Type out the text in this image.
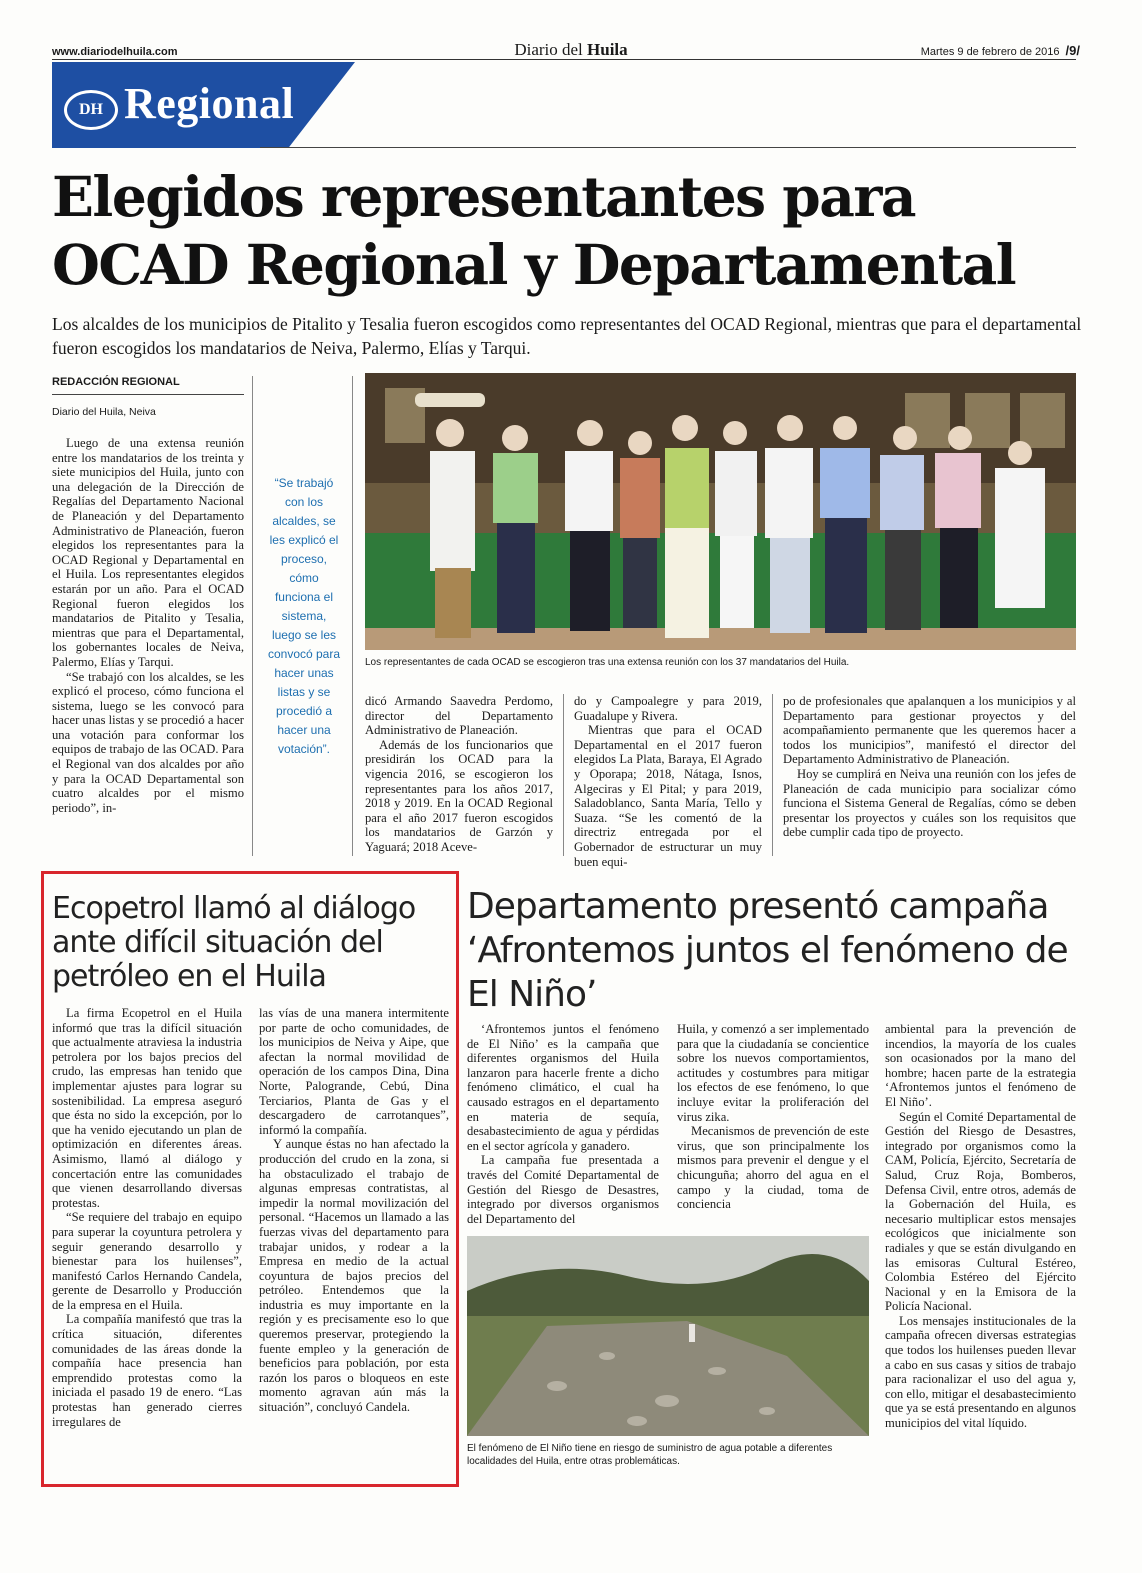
www.diariodelhuila.com	Diario del Huila	Martes 9 de febrero de 2016 /9/
DH Regional
Elegidos representantes para
OCAD Regional y Departamental
Los alcaldes de los municipios de Pitalito y Tesalia fueron escogidos como representantes del OCAD Regional, mientras que para el departamental fueron escogidos los mandatarios de Neiva, Palermo, Elías y Tarqui.
REDACCIÓN REGIONAL
Diario del Huila, Neiva

Luego de una extensa reunión entre los mandatarios de los treinta y siete municipios del Huila, junto con una delegación de la Dirección de Regalías del Departamento Nacional de Planeación y del Departamento Administrativo de Planeación, fueron elegidos los representantes para la OCAD Regional y Departamental en el Huila. Los representantes elegidos estarán por un año. Para el OCAD Regional fueron elegidos los mandatarios de Pitalito y Tesalia, mientras que para el Departamental, los gobernantes locales de Neiva, Palermo, Elías y Tarqui.

“Se trabajó con los alcaldes, se les explicó el proceso, cómo funciona el sistema, luego se les convocó para hacer unas listas y se procedió a hacer una votación para conformar los equipos de trabajo de las OCAD. Para el Regional van dos alcaldes por año y para la OCAD Departamental son cuatro alcaldes por el mismo periodo”, in-

“Se trabajó con los alcaldes, se les explicó el proceso, cómo funciona el sistema, luego se les convocó para hacer unas listas y se procedió a hacer una votación”.
Los representantes de cada OCAD se escogieron tras una extensa reunión con los 37 mandatarios del Huila.

dicó Armando Saavedra Perdomo, director del Departamento Administrativo de Planeación.

Además de los funcionarios que presidirán los OCAD para la vigencia 2016, se escogieron los representantes para los años 2017, 2018 y 2019. En la OCAD Regional para el año 2017 fueron escogidos los mandatarios de Garzón y Yaguará; 2018 Aceve-

do y Campoalegre y para 2019, Guadalupe y Rivera.

Mientras que para el OCAD Departamental en el 2017 fueron elegidos La Plata, Baraya, El Agrado y Oporapa; 2018, Nátaga, Isnos, Algeciras y El Pital; y para 2019, Saladoblanco, Santa María, Tello y Suaza. “Se les comentó de la directriz entregada por el Gobernador de estructurar un muy buen equi-

po de profesionales que apalanquen a los municipios y al Departamento para gestionar proyectos y del acompañamiento permanente que les queremos hacer a todos los municipios”, manifestó el director del Departamento Administrativo de Planeación.

Hoy se cumplirá en Neiva una reunión con los jefes de Planeación de cada municipio para socializar cómo funciona el Sistema General de Regalías, cómo se deben presentar los proyectos y cuáles son los requisitos que debe cumplir cada tipo de proyecto.

Ecopetrol llamó al diálogo ante difícil situación del petróleo en el Huila

La firma Ecopetrol en el Huila informó que tras la difícil situación que actualmente atraviesa la industria petrolera por los bajos precios del crudo, las empresas han tenido que implementar ajustes para lograr su sostenibilidad. La empresa aseguró que ésta no sido la excepción, por lo que ha venido ejecutando un plan de optimización en diferentes áreas. Asimismo, llamó al diálogo y concertación entre las comunidades que vienen desarrollando diversas protestas.

“Se requiere del trabajo en equipo para superar la coyuntura petrolera y seguir generando desarrollo y bienestar para los huilenses”, manifestó Carlos Hernando Candela, gerente de Desarrollo y Producción de la empresa en el Huila.

La compañía manifestó que tras la crítica situación, diferentes comunidades de las áreas donde la compañía hace presencia han emprendido protestas como la iniciada el pasado 19 de enero. “Las protestas han generado cierres irregulares de

las vías de una manera intermitente por parte de ocho comunidades, de los municipios de Neiva y Aipe, que afectan la normal movilidad de operación de los campos Dina, Dina Norte, Palogrande, Cebú, Dina Terciarios, Planta de Gas y el descargadero de carrotanques”, informó la compañía.

Y aunque éstas no han afectado la producción del crudo en la zona, si ha obstaculizado el trabajo de algunas empresas contratistas, al impedir la normal movilización del personal. “Hacemos un llamado a las fuerzas vivas del departamento para trabajar unidos, y rodear a la Empresa en medio de la actual coyuntura de bajos precios del petróleo. Entendemos que la industria es muy importante en la región y es precisamente eso lo que queremos preservar, protegiendo la fuente empleo y la generación de beneficios para población, por esta razón los paros o bloqueos en este momento agravan aún más la situación”, concluyó Candela.

Departamento presentó campaña ‘Afrontemos juntos el fenómeno de El Niño’

‘Afrontemos juntos el fenómeno de El Niño’ es la campaña que diferentes organismos del Huila lanzaron para hacerle frente a dicho fenómeno climático, el cual ha causado estragos en el departamento en materia de sequía, desabastecimiento de agua y pérdidas en el sector agrícola y ganadero.

La campaña fue presentada a través del Comité Departamental de Gestión del Riesgo de Desastres, integrado por diversos organismos del Departamento del

Huila, y comenzó a ser implementado para que la ciudadanía se concientice sobre los nuevos comportamientos, actitudes y costumbres para mitigar los efectos de ese fenómeno, lo que incluye evitar la proliferación del virus zika.

Mecanismos de prevención de este virus, que son principalmente los mismos para prevenir el dengue y el chicunguña; ahorro del agua en el campo y la ciudad, toma de conciencia

ambiental para la prevención de incendios, la mayoría de los cuales son ocasionados por la mano del hombre; hacen parte de la estrategia ‘Afrontemos juntos el fenómeno de El Niño’.

Según el Comité Departamental de Gestión del Riesgo de Desastres, integrado por organismos como la CAM, Policía, Ejército, Secretaría de Salud, Cruz Roja, Bomberos, Defensa Civil, entre otros, además de la Gobernación del Huila, es necesario multiplicar estos mensajes ecológicos que inicialmente son radiales y que se están divulgando en las emisoras Cultural Estéreo, Colombia Estéreo del Ejército Nacional y en la Emisora de la Policía Nacional.

Los mensajes institucionales de la campaña ofrecen diversas estrategias que todos los huilenses pueden llevar a cabo en sus casas y sitios de trabajo para racionalizar el uso del agua y, con ello, mitigar el desabastecimiento que ya se está presentando en algunos municipios del vital líquido.

El fenómeno de El Niño tiene en riesgo de suministro de agua potable a diferentes localidades del Huila, entre otras problemáticas.
